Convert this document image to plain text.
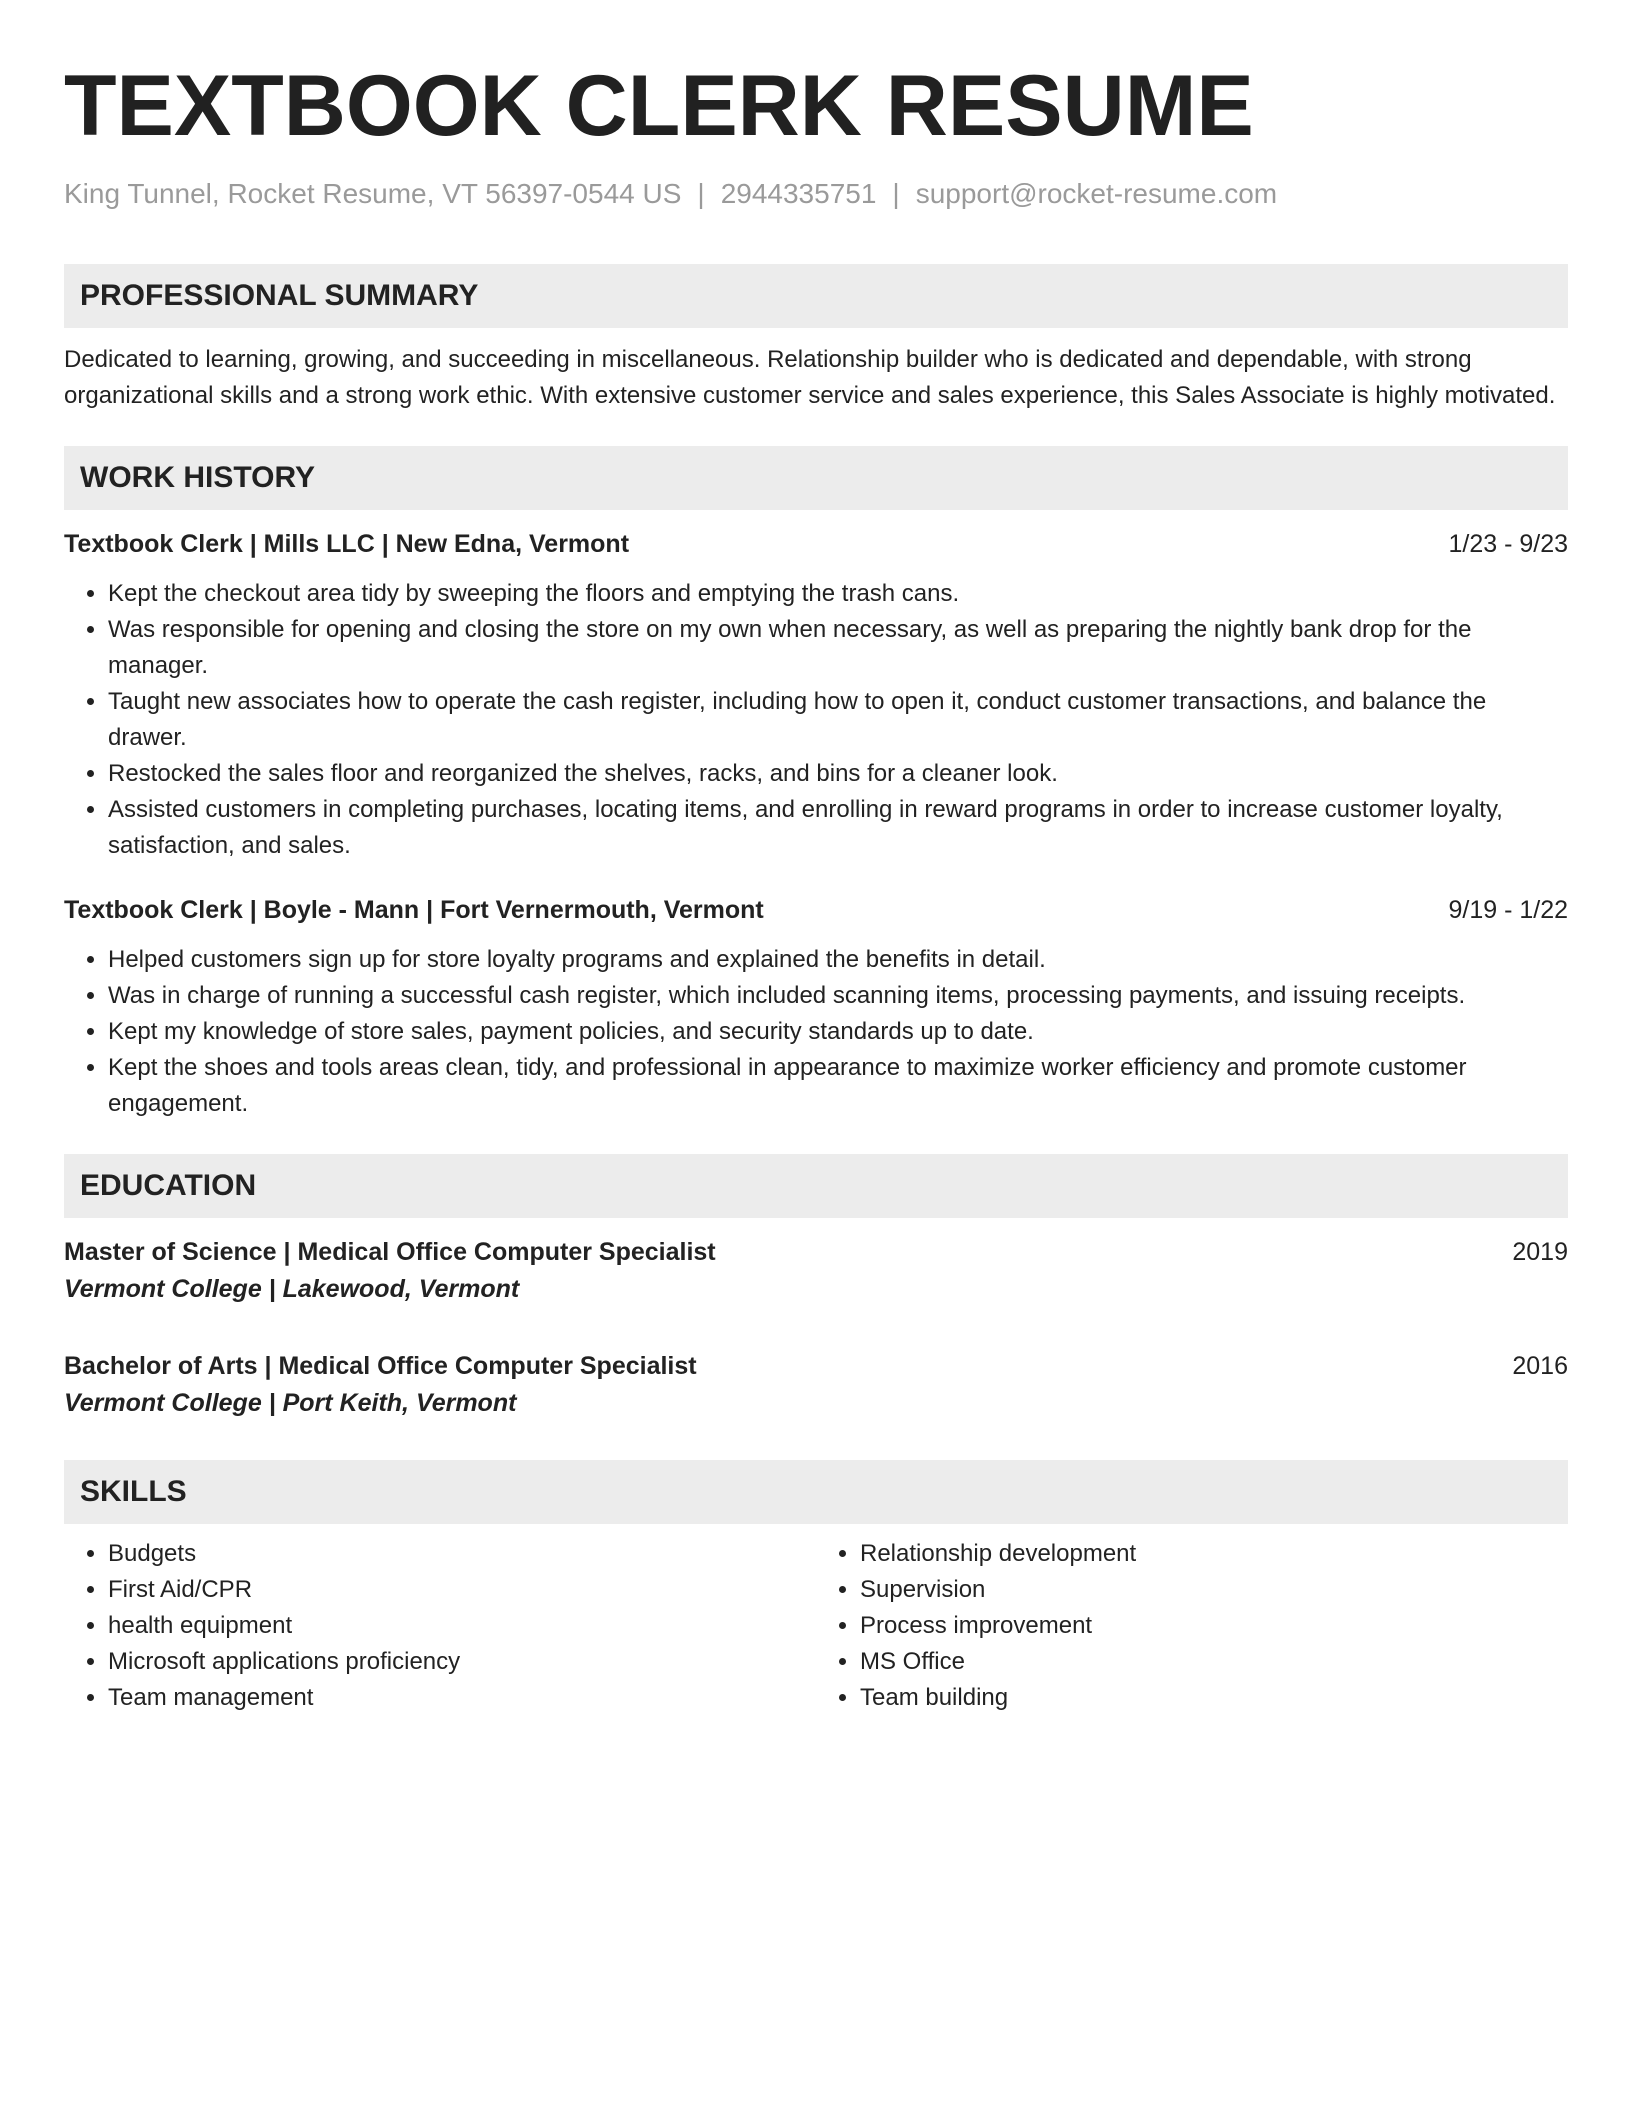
TEXTBOOK CLERK RESUME
King Tunnel, Rocket Resume, VT 56397-0544 US | 2944335751 | support@rocket-resume.com
PROFESSIONAL SUMMARY
Dedicated to learning, growing, and succeeding in miscellaneous. Relationship builder who is dedicated and dependable, with strong organizational skills and a strong work ethic. With extensive customer service and sales experience, this Sales Associate is highly motivated.
WORK HISTORY
Textbook Clerk | Mills LLC | New Edna, Vermont	1/23 - 9/23
• Kept the checkout area tidy by sweeping the floors and emptying the trash cans.
• Was responsible for opening and closing the store on my own when necessary, as well as preparing the nightly bank drop for the manager.
• Taught new associates how to operate the cash register, including how to open it, conduct customer transactions, and balance the drawer.
• Restocked the sales floor and reorganized the shelves, racks, and bins for a cleaner look.
• Assisted customers in completing purchases, locating items, and enrolling in reward programs in order to increase customer loyalty, satisfaction, and sales.
Textbook Clerk | Boyle - Mann | Fort Vernermouth, Vermont	9/19 - 1/22
• Helped customers sign up for store loyalty programs and explained the benefits in detail.
• Was in charge of running a successful cash register, which included scanning items, processing payments, and issuing receipts.
• Kept my knowledge of store sales, payment policies, and security standards up to date.
• Kept the shoes and tools areas clean, tidy, and professional in appearance to maximize worker efficiency and promote customer engagement.
EDUCATION
Master of Science | Medical Office Computer Specialist	2019
Vermont College | Lakewood, Vermont
Bachelor of Arts | Medical Office Computer Specialist	2016
Vermont College | Port Keith, Vermont
SKILLS
• Budgets
• First Aid/CPR
• health equipment
• Microsoft applications proficiency
• Team management
• Relationship development
• Supervision
• Process improvement
• MS Office
• Team building
